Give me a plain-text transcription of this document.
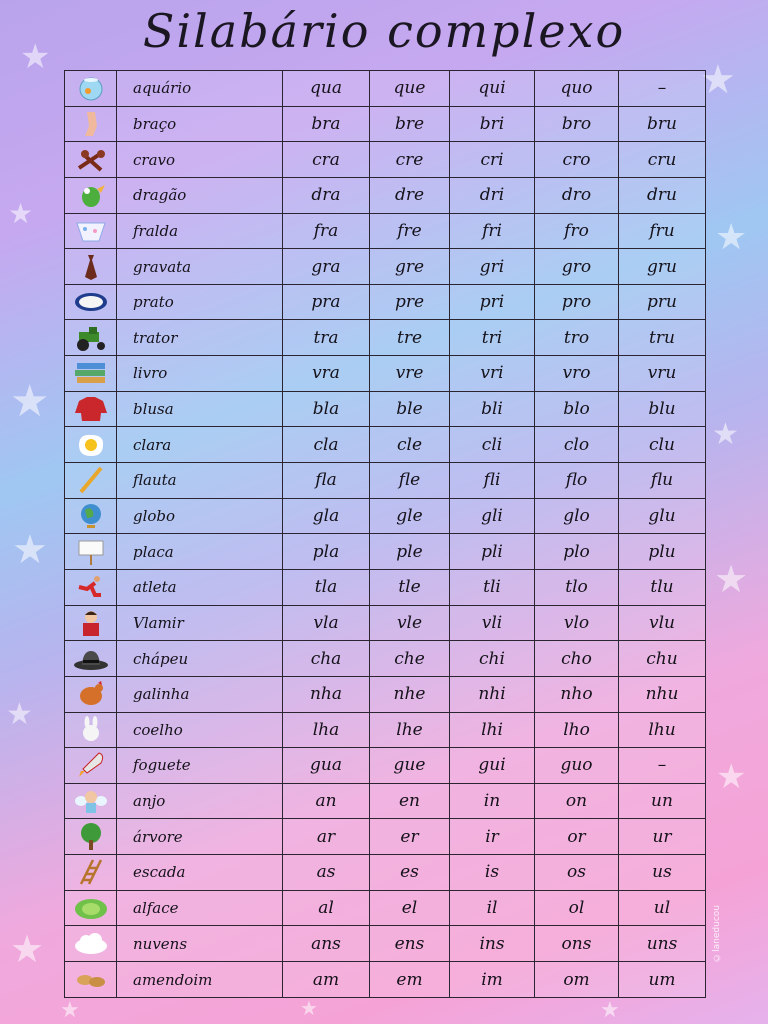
★	★
★
★
★
★
★
★
★
★
★
★	★
★
Silabário complexo
	aquário	qua	que	qui	quo	–

	braço	bra	bre	bri	bro	bru

	cravo	cra	cre	cri	cro	cru

	dragão	dra	dre	dri	dro	dru

	fralda	fra	fre	fri	fro	fru

	gravata	gra	gre	gri	gro	gru

	prato	pra	pre	pri	pro	pru

	trator	tra	tre	tri	tro	tru

	livro	vra	vre	vri	vro	vru

	blusa	bla	ble	bli	blo	blu

	clara	cla	cle	cli	clo	clu

	flauta	fla	fle	fli	flo	flu

	globo	gla	gle	gli	glo	glu

	placa	pla	ple	pli	plo	plu

	atleta	tla	tle	tli	tlo	tlu

	Vlamir	vla	vle	vli	vlo	vlu

	chápeu	cha	che	chi	cho	chu

	galinha	nha	nhe	nhi	nho	nhu

	coelho	lha	lhe	lhi	lho	lhu

	foguete	gua	gue	gui	guo	–

	anjo	an	en	in	on	un

	árvore	ar	er	ir	or	ur

	escada	as	es	is	os	us

	alface	al	el	il	ol	ul

	nuvens	ans	ens	ins	ons	uns

	amendoim	am	em	im	om	um
©laneducou
